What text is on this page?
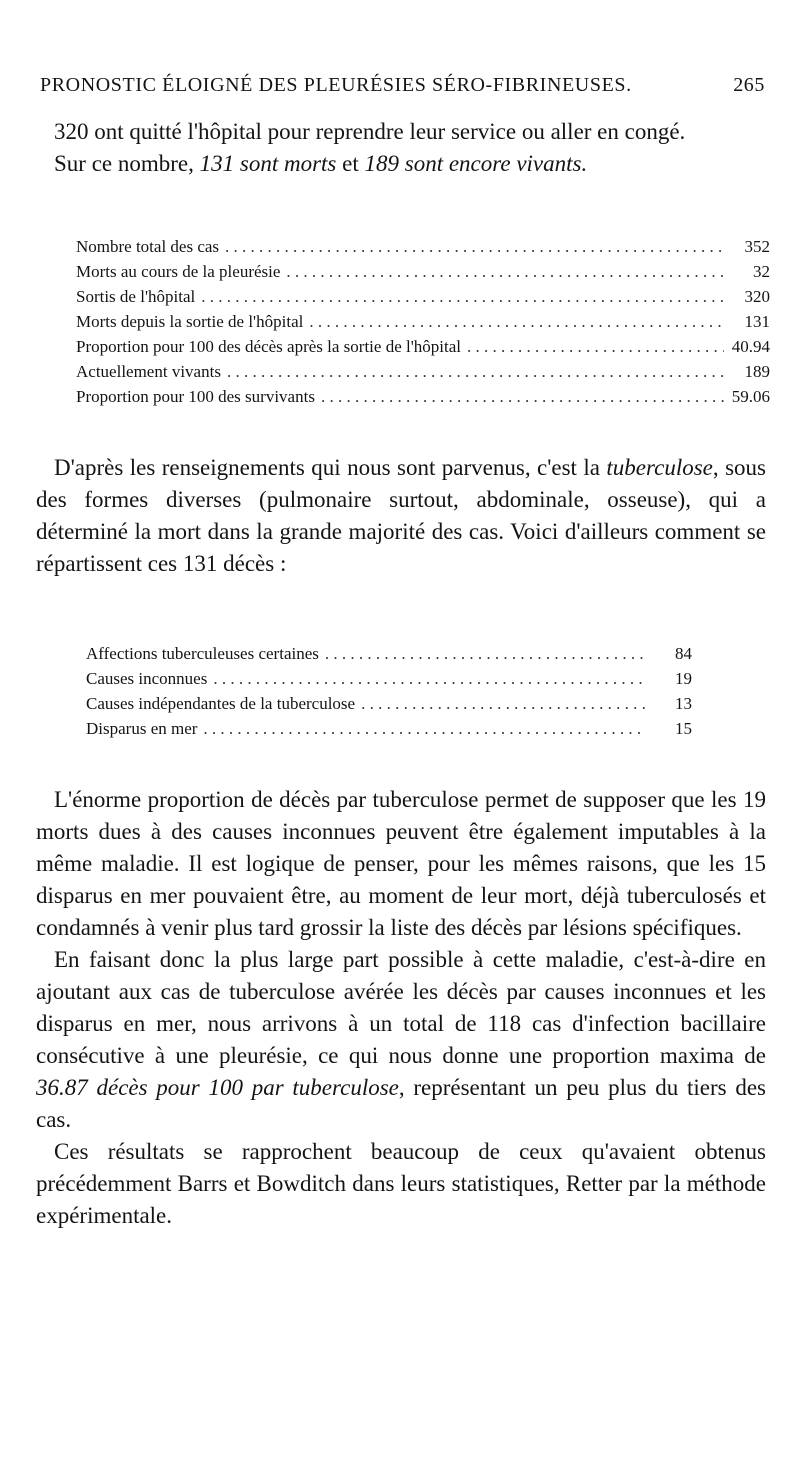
PRONOSTIC ÉLOIGNÉ DES PLEURÉSIES SÉRO-FIBRINEUSES.	265

320 ont quitté l'hôpital pour reprendre leur service ou aller en congé.

Sur ce nombre, 131 sont morts et 189 sont encore vivants.

Nombre total des cas . . .	352
Morts au cours de la pleurésie . . .	32
Sortis de l'hôpital . . .	320
Morts depuis la sortie de l'hôpital . . .	131
Proportion pour 100 des décès après la sortie de l'hôpital . . .	40.94
Actuellement vivants . . .	189
Proportion pour 100 des survivants . . .	59.06

D'après les renseignements qui nous sont parvenus, c'est la tuberculose, sous des formes diverses (pulmonaire surtout, abdominale, osseuse), qui a déterminé la mort dans la grande majorité des cas. Voici d'ailleurs comment se répartissent ces 131 décès :

Affections tuberculeuses certaines . . .	84
Causes inconnues . . .	19
Causes indépendantes de la tuberculose . . .	13
Disparus en mer . . .	15

L'énorme proportion de décès par tuberculose permet de supposer que les 19 morts dues à des causes inconnues peuvent être également imputables à la même maladie. Il est logique de penser, pour les mêmes raisons, que les 15 disparus en mer pouvaient être, au moment de leur mort, déjà tuberculosés et condamnés à venir plus tard grossir la liste des décès par lésions spécifiques.

En faisant donc la plus large part possible à cette maladie, c'est-à-dire en ajoutant aux cas de tuberculose avérée les décès par causes inconnues et les disparus en mer, nous arrivons à un total de 118 cas d'infection bacillaire consécutive à une pleurésie, ce qui nous donne une proportion maxima de 36.87 décès pour 100 par tuberculose, représentant un peu plus du tiers des cas.

Ces résultats se rapprochent beaucoup de ceux qu'avaient obtenus précédemment Barrs et Bowditch dans leurs statistiques, Retter par la méthode expérimentale.
